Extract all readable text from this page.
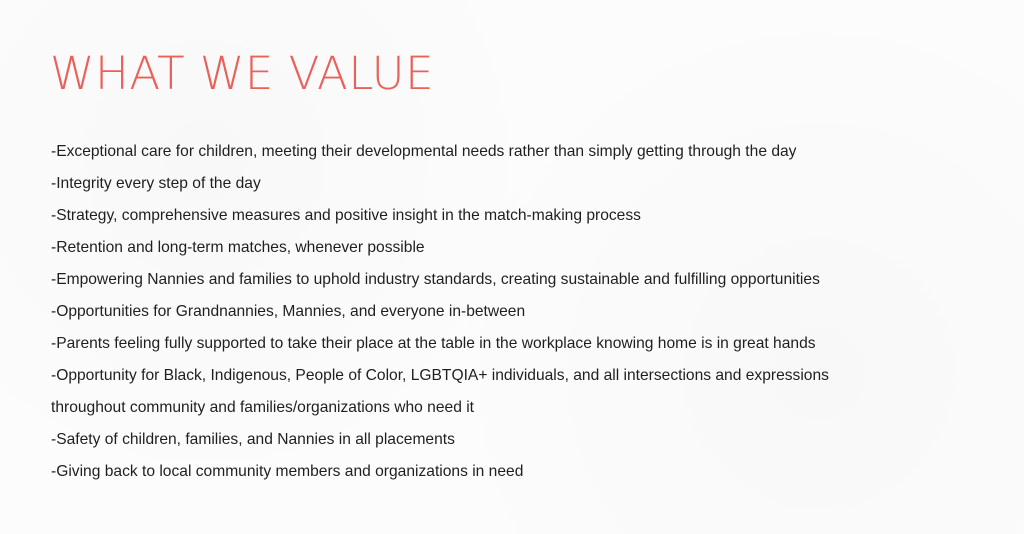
WHAT WE VALUE
-Exceptional care for children, meeting their developmental needs rather than simply getting through the day
-Integrity every step of the day
-Strategy, comprehensive measures and positive insight in the match-making process
-Retention and long-term matches, whenever possible
-Empowering Nannies and families to uphold industry standards, creating sustainable and fulfilling opportunities
-Opportunities for Grandnannies, Mannies, and everyone in-between
-Parents feeling fully supported to take their place at the table in the workplace knowing home is in great hands
-Opportunity for Black, Indigenous, People of Color, LGBTQIA+ individuals, and all intersections and expressions
throughout community and families/organizations who need it
-Safety of children, families, and Nannies in all placements
-Giving back to local community members and organizations in need
